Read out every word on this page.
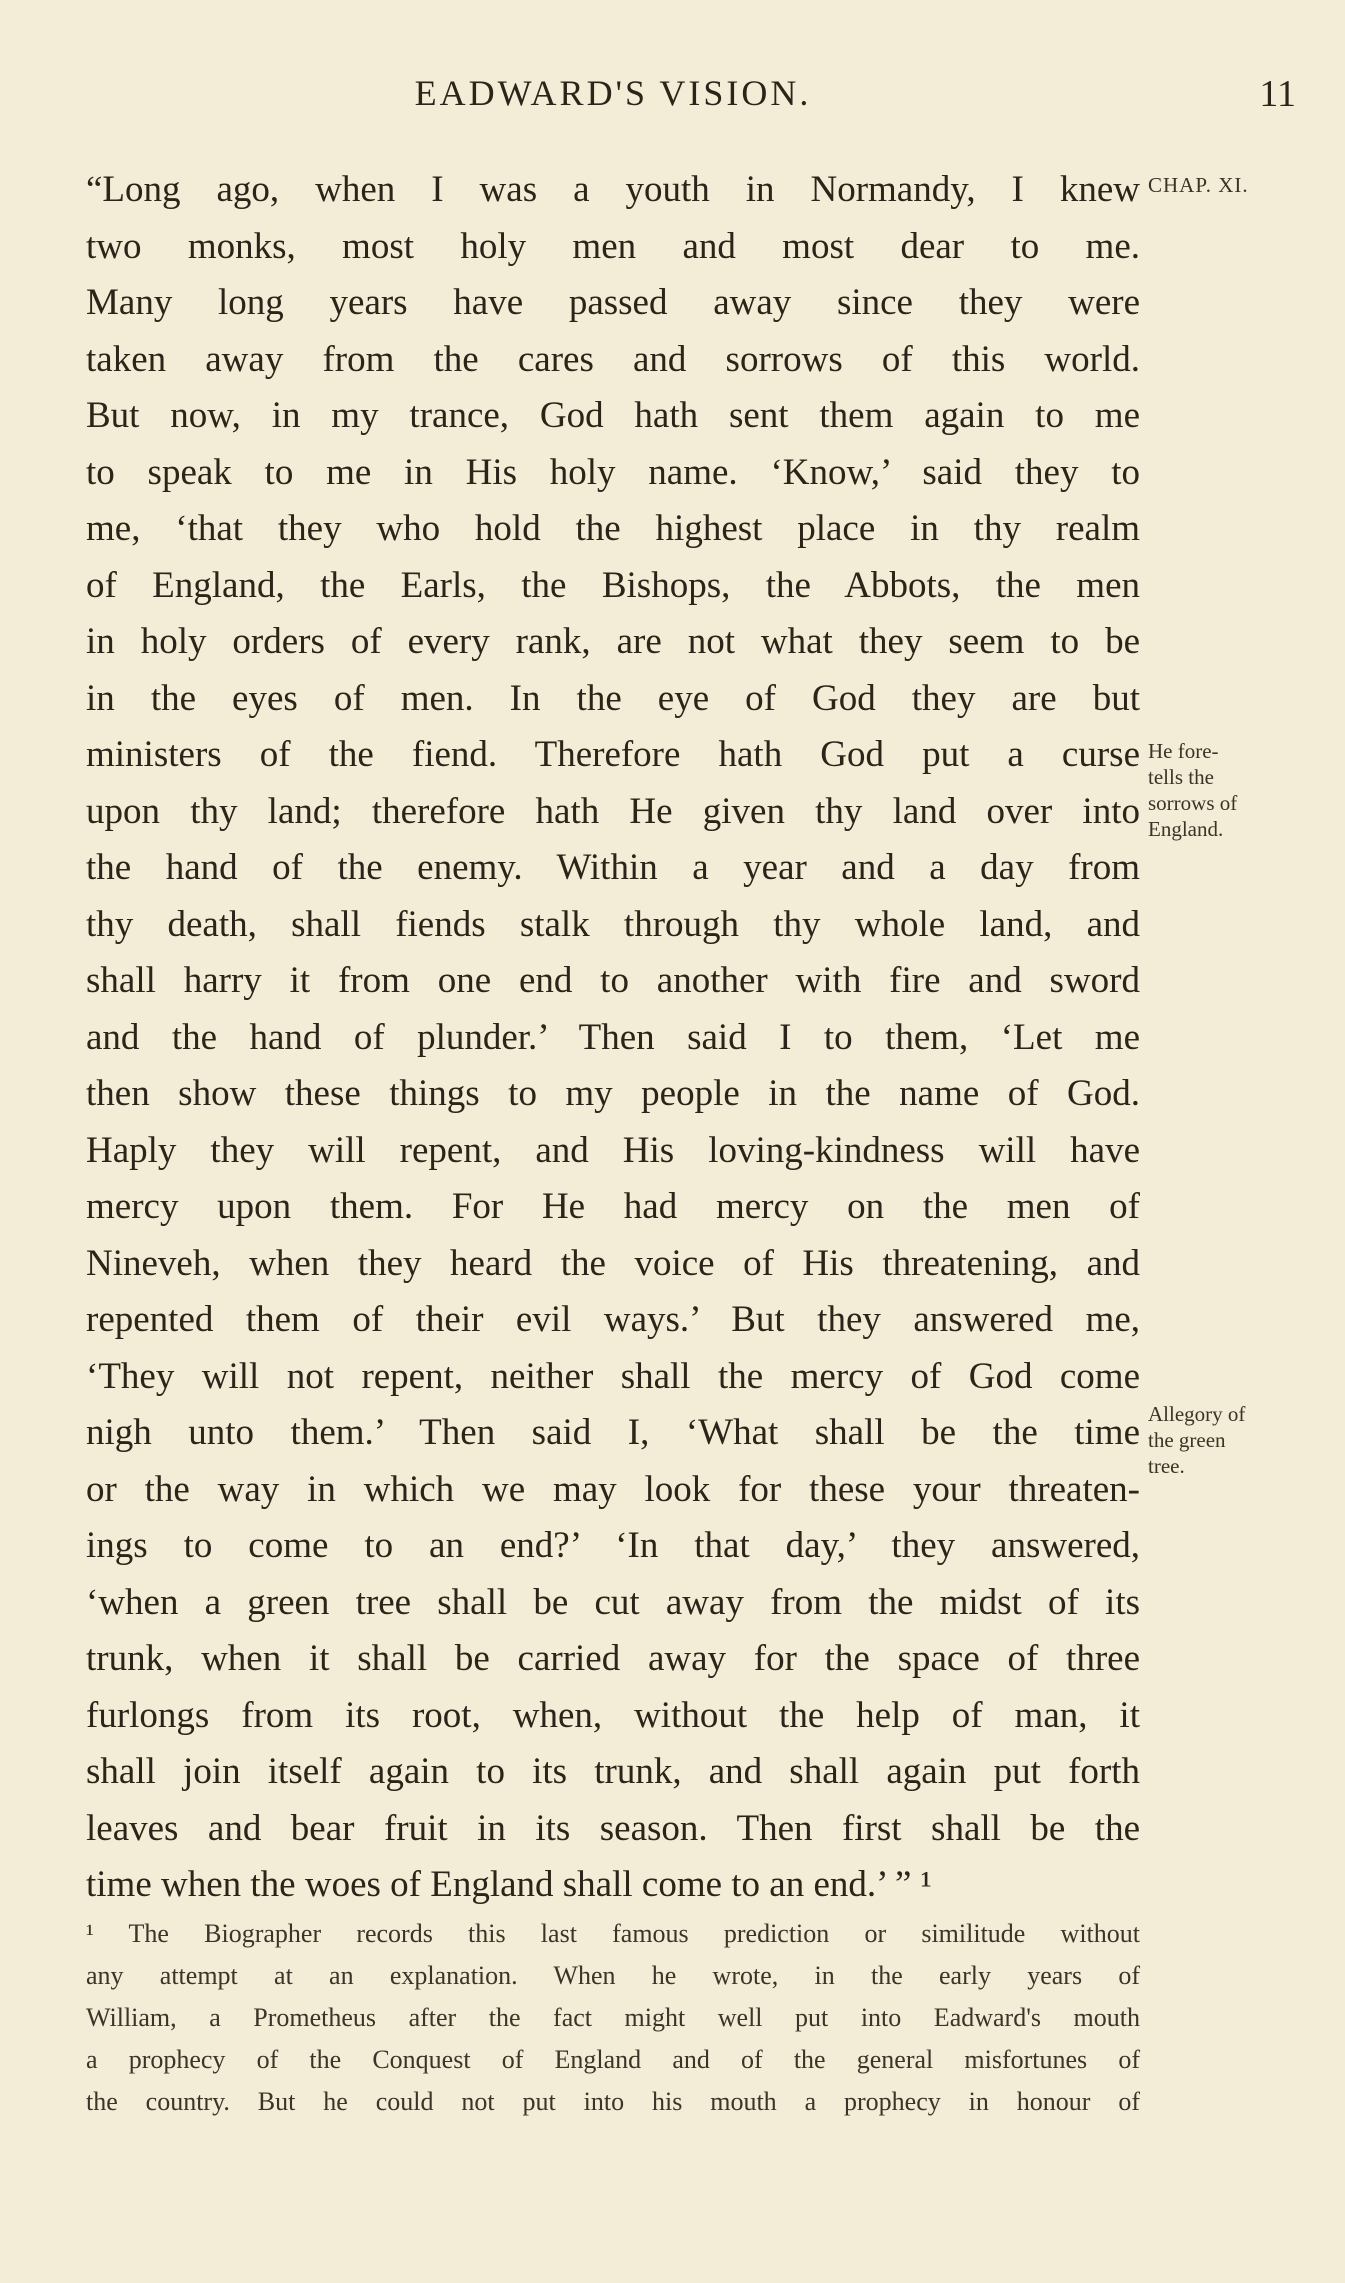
EADWARD'S VISION.	11
“Long ago, when I was a youth in Normandy, I knew
two monks, most holy men and most dear to me.
Many long years have passed away since they were
taken away from the cares and sorrows of this world.
But now, in my trance, God hath sent them again to me
to speak to me in His holy name. ‘Know,’ said they to
me, ‘that they who hold the highest place in thy realm
of England, the Earls, the Bishops, the Abbots, the men
in holy orders of every rank, are not what they seem to be
in the eyes of men. In the eye of God they are but
ministers of the fiend. Therefore hath God put a curse
upon thy land; therefore hath He given thy land over into
the hand of the enemy. Within a year and a day from
thy death, shall fiends stalk through thy whole land, and
shall harry it from one end to another with fire and sword
and the hand of plunder.’ Then said I to them, ‘Let me
then show these things to my people in the name of God.
Haply they will repent, and His loving-kindness will have
mercy upon them. For He had mercy on the men of
Nineveh, when they heard the voice of His threatening, and
repented them of their evil ways.’ But they answered me,
‘They will not repent, neither shall the mercy of God come
nigh unto them.’ Then said I, ‘What shall be the time
or the way in which we may look for these your threaten-
ings to come to an end?’ ‘In that day,’ they answered,
‘when a green tree shall be cut away from the midst of its
trunk, when it shall be carried away for the space of three
furlongs from its root, when, without the help of man, it
shall join itself again to its trunk, and shall again put forth
leaves and bear fruit in its season. Then first shall be the
time when the woes of England shall come to an end.’ ” ¹
CHAP. XI.
He fore-
tells the
sorrows of
England.
Allegory of
the green
tree.
¹ The Biographer records this last famous prediction or similitude without
any attempt at an explanation. When he wrote, in the early years of
William, a Prometheus after the fact might well put into Eadward's mouth
a prophecy of the Conquest of England and of the general misfortunes of
the country. But he could not put into his mouth a prophecy in honour of
